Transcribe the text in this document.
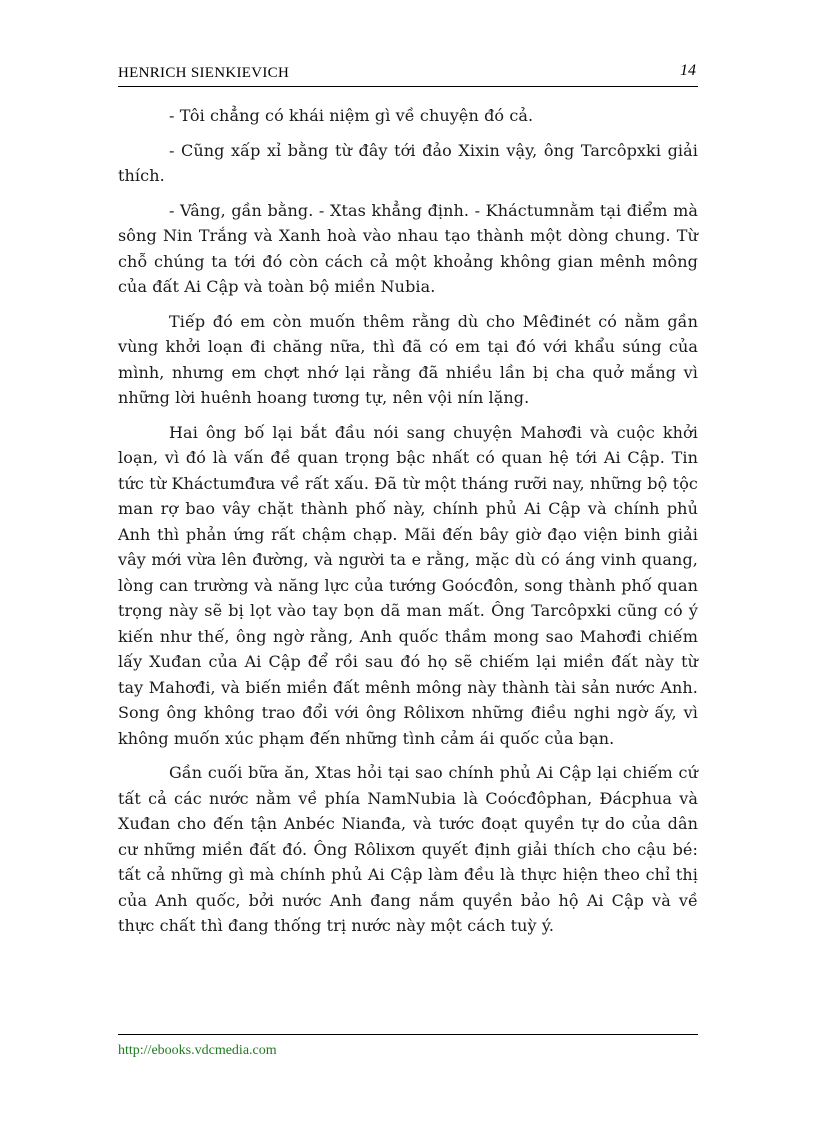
HENRICH SIENKIEVICH	14

- Tôi chẳng có khái niệm gì về chuyện đó cả.

- Cũng xấp xỉ bằng từ đây tới đảo Xixin vậy, ông Tarcôpxki giải thích.

- Vâng, gần bằng. - Xtas khẳng định. - Kháctumnằm tại điểm mà sông Nin Trắng và Xanh hoà vào nhau tạo thành một dòng chung. Từ chỗ chúng ta tới đó còn cách cả một khoảng không gian mênh mông của đất Ai Cập và toàn bộ miền Nubia.

Tiếp đó em còn muốn thêm rằng dù cho Mêđinét có nằm gần vùng khởi loạn đi chăng nữa, thì đã có em tại đó với khẩu súng của mình, nhưng em chợt nhớ lại rằng đã nhiều lần bị cha quở mắng vì những lời huênh hoang tương tự, nên vội nín lặng.

Hai ông bố lại bắt đầu nói sang chuyện Mahơđi và cuộc khởi loạn, vì đó là vấn đề quan trọng bậc nhất có quan hệ tới Ai Cập. Tin tức từ Kháctumđưa về rất xấu. Đã từ một tháng rưỡi nay, những bộ tộc man rợ bao vây chặt thành phố này, chính phủ Ai Cập và chính phủ Anh thì phản ứng rất chậm chạp. Mãi đến bây giờ đạo viện binh giải vây mới vừa lên đường, và người ta e rằng, mặc dù có áng vinh quang, lòng can trường và năng lực của tướng Goócđôn, song thành phố quan trọng này sẽ bị lọt vào tay bọn dã man mất. Ông Tarcôpxki cũng có ý kiến như thế, ông ngờ rằng, Anh quốc thầm mong sao Mahơđi chiếm lấy Xuđan của Ai Cập để rồi sau đó họ sẽ chiếm lại miền đất này từ tay Mahơđi, và biến miền đất mênh mông này thành tài sản nước Anh. Song ông không trao đổi với ông Rôlixơn những điều nghi ngờ ấy, vì không muốn xúc phạm đến những tình cảm ái quốc của bạn.

Gần cuối bữa ăn, Xtas hỏi tại sao chính phủ Ai Cập lại chiếm cứ tất cả các nước nằm về phía NamNubia là Coócđôphan, Đácphua và Xuđan cho đến tận Anbéc Nianđa, và tước đoạt quyền tự do của dân cư những miền đất đó. Ông Rôlixơn quyết định giải thích cho cậu bé: tất cả những gì mà chính phủ Ai Cập làm đều là thực hiện theo chỉ thị của Anh quốc, bởi nước Anh đang nắm quyền bảo hộ Ai Cập và về thực chất thì đang thống trị nước này một cách tuỳ ý.

http://ebooks.vdcmedia.com
